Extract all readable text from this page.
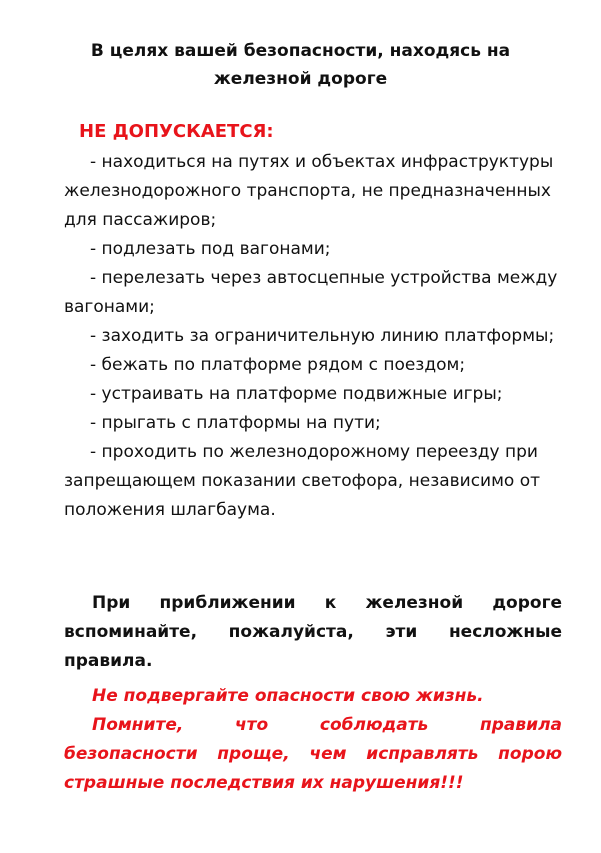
В целях вашей безопасности, находясь на
железной дороге
НЕ ДОПУСКАЕТСЯ:

- находиться на путях и объектах инфраструктуры железнодорожного транспорта, не предназначенных для пассажиров;

- подлезать под вагонами;

- перелезать через автосцепные устройства между вагонами;

- заходить за ограничительную линию платформы;

- бежать по платформе рядом с поездом;

- устраивать на платформе подвижные игры;

- прыгать с платформы на пути;

- проходить по железнодорожному переезду при запрещающем показании светофора, независимо от положения шлагбаума.

При приближении к железной дороге вспоминайте, пожалуйста, эти несложные правила.

Не подвергайте опасности свою жизнь.

Помните, что соблюдать правила безопасности проще, чем исправлять порою страшные последствия их нарушения!!!
